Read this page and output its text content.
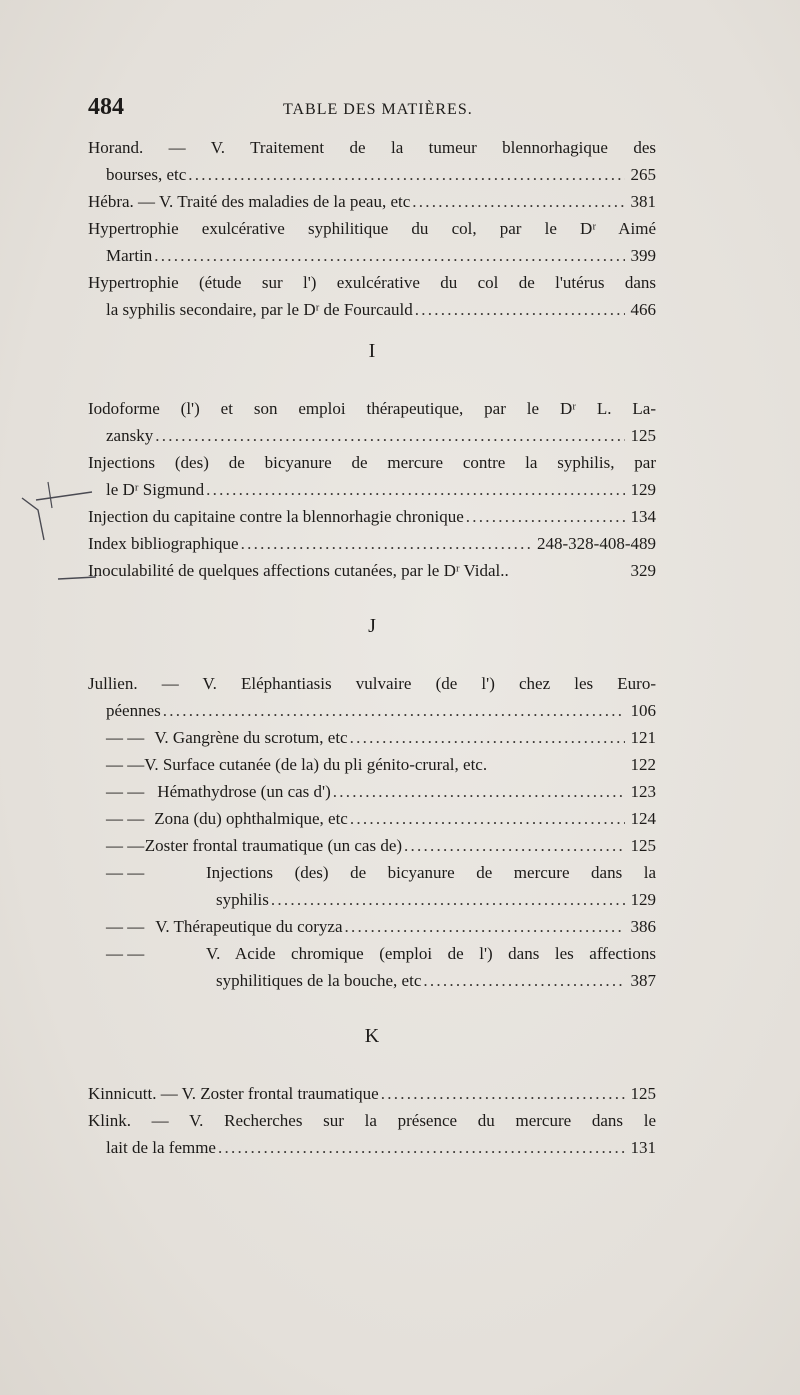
484	TABLE DES MATIÈRES.
Horand. — V. Traitement de la tumeur blennorhagique des
bourses, etc . . .	265
Hébra. — V. Traité des maladies de la peau, etc . . .	381
Hypertrophie exulcérative syphilitique du col, par le Dʳ Aimé
Martin . . .	399
Hypertrophie (étude sur l') exulcérative du col de l'utérus dans
la syphilis secondaire, par le Dʳ de Fourcauld . . .	466
I
Iodoforme (l') et son emploi thérapeutique, par le Dʳ L. La-
zansky . . .	125
Injections (des) de bicyanure de mercure contre la syphilis, par
le Dʳ Sigmund . . .	129
Injection du capitaine contre la blennorhagie chronique . . .	134
Index bibliographique . . .	248-328-408-489
Inoculabilité de quelques affections cutanées, par le Dʳ Vidal..	329
J
Jullien. — V. Eléphantiasis vulvaire (de l') chez les Euro-
péennes . . .	106
— — V. Gangrène du scrotum, etc . . .	121
— — V. Surface cutanée (de la) du pli génito-crural, etc.	122
— — Hémathydrose (un cas d') . . .	123
— — Zona (du) ophthalmique, etc . . .	124
— — Zoster frontal traumatique (un cas de) . . .	125
— —	Injections (des) de bicyanure de mercure dans la
syphilis . . .	129
— — V. Thérapeutique du coryza . . .	386
— —	V. Acide chromique (emploi de l') dans les affections
syphilitiques de la bouche, etc . . .	387
K
Kinnicutt. — V. Zoster frontal traumatique . . .	125
Klink. — V. Recherches sur la présence du mercure dans le
lait de la femme . . .	131
